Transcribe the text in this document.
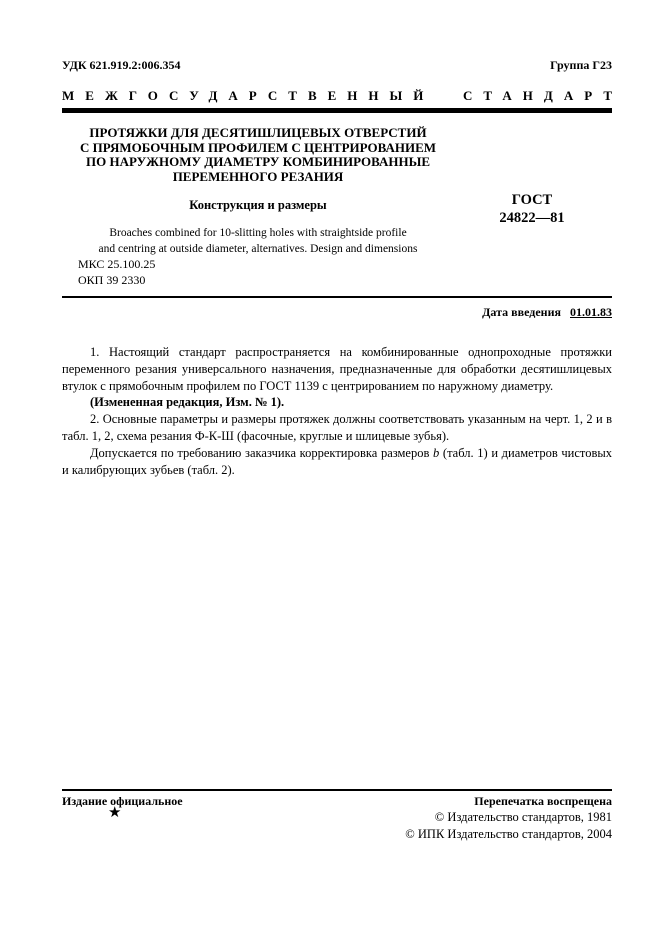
УДК 621.919.2:006.354	Группа Г23
МЕЖГОСУДАРСТВЕННЫЙ СТАНДАРТ
ПРОТЯЖКИ ДЛЯ ДЕСЯТИШЛИЦЕВЫХ ОТВЕРСТИЙ
С ПРЯМОБОЧНЫМ ПРОФИЛЕМ С ЦЕНТРИРОВАНИЕМ
ПО НАРУЖНОМУ ДИАМЕТРУ КОМБИНИРОВАННЫЕ
ПЕРЕМЕННОГО РЕЗАНИЯ
Конструкция и размеры	ГОСТ
24822—81
Broaches combined for 10-slitting holes with straightside profile
and centring at outside diameter, alternatives. Design and dimensions
МКС 25.100.25
ОКП 39 2330
Дата введения 01.01.83

1. Настоящий стандарт распространяется на комбинированные однопроходные протяжки переменного резания универсального назначения, предназначенные для обработки десятишлицевых втулок с прямобочным профилем по ГОСТ 1139 с центрированием по наружному диаметру.

(Измененная редакция, Изм. № 1).

2. Основные параметры и размеры протяжек должны соответствовать указанным на черт. 1, 2 и в табл. 1, 2, схема резания Ф-К-Ш (фасочные, круглые и шлицевые зубья).

Допускается по требованию заказчика корректировка размеров b (табл. 1) и диаметров чистовых и калибрующих зубьев (табл. 2).

Издание официальное	Перепечатка воспрещена
★	© Издательство стандартов, 1981
© ИПК Издательство стандартов, 2004
